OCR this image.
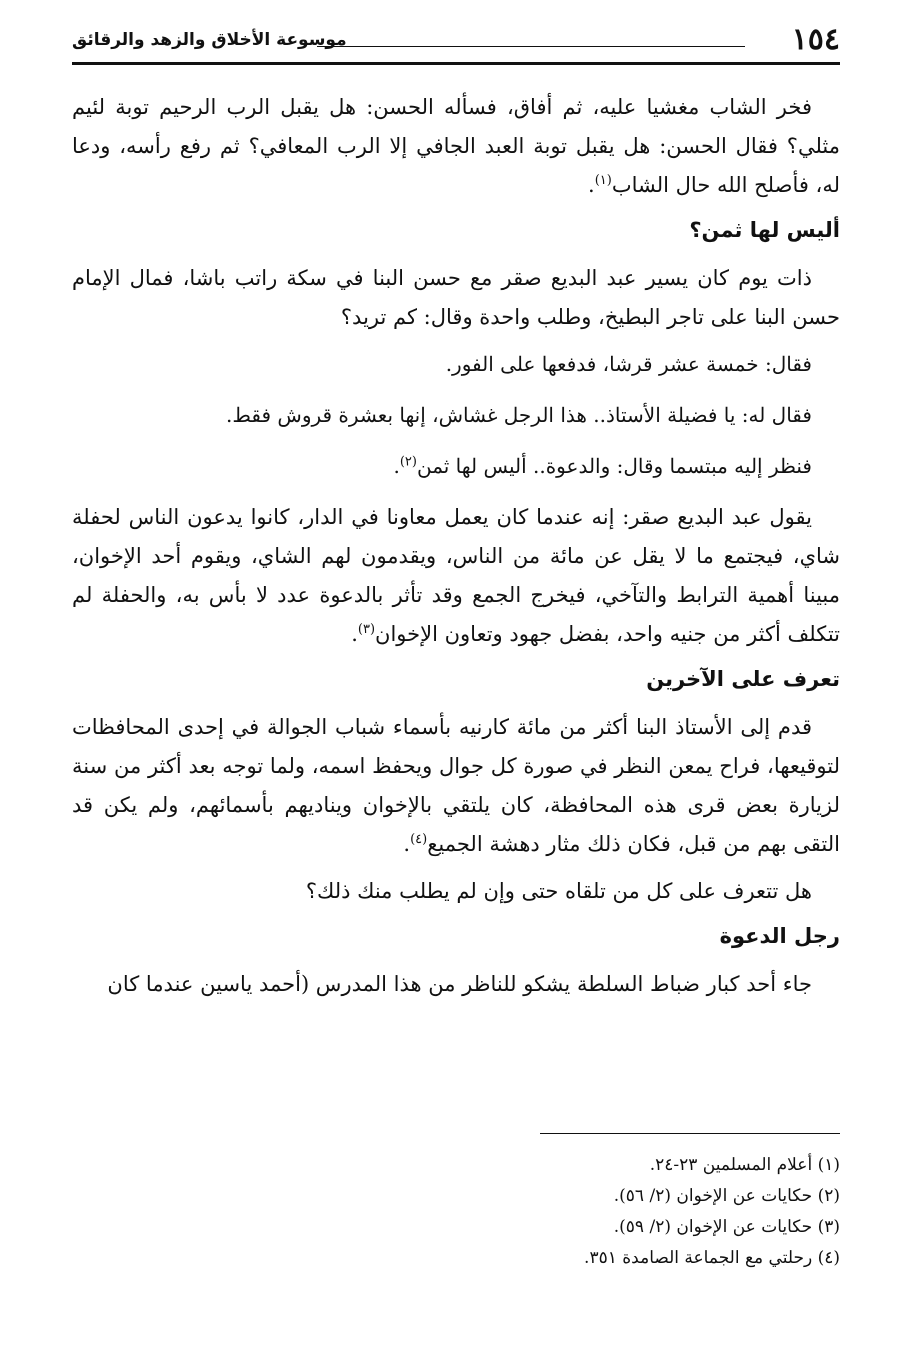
١٥٤
موسوعة الأخلاق والزهد والرقائق

فخر الشاب مغشيا عليه، ثم أفاق، فسأله الحسن: هل يقبل الرب الرحيم توبة لئيم مثلي؟ فقال الحسن: هل يقبل توبة العبد الجافي إلا الرب المعافي؟ ثم رفع رأسه، ودعا له، فأصلح الله حال الشاب$^{(١)}$.

أليس لها ثمن؟

ذات يوم كان يسير عبد البديع صقر مع حسن البنا في سكة راتب باشا، فمال الإمام حسن البنا على تاجر البطيخ، وطلب واحدة وقال: كم تريد؟

فقال: خمسة عشر قرشا، فدفعها على الفور.

فقال له: يا فضيلة الأستاذ.. هذا الرجل غشاش، إنها بعشرة قروش فقط.

فنظر إليه مبتسما وقال: والدعوة.. أليس لها ثمن$^{(٢)}$.

يقول عبد البديع صقر: إنه عندما كان يعمل معاونا في الدار، كانوا يدعون الناس لحفلة شاي، فيجتمع ما لا يقل عن مائة من الناس، ويقدمون لهم الشاي، ويقوم أحد الإخوان، مبينا أهمية الترابط والتآخي، فيخرج الجمع وقد تأثر بالدعوة عدد لا بأس به، والحفلة لم تتكلف أكثر من جنيه واحد، بفضل جهود وتعاون الإخوان$^{(٣)}$.

تعرف على الآخرين

قدم إلى الأستاذ البنا أكثر من مائة كارنيه بأسماء شباب الجوالة في إحدى المحافظات لتوقيعها، فراح يمعن النظر في صورة كل جوال ويحفظ اسمه، ولما توجه بعد أكثر من سنة لزيارة بعض قرى هذه المحافظة، كان يلتقي بالإخوان ويناديهم بأسمائهم، ولم يكن قد التقى بهم من قبل، فكان ذلك مثار دهشة الجميع$^{(٤)}$.

هل تتعرف على كل من تلقاه حتى وإن لم يطلب منك ذلك؟

رجل الدعوة

جاء أحد كبار ضباط السلطة يشكو للناظر من هذا المدرس (أحمد ياسين عندما كان

(١) أعلام المسلمين ٢٣-٢٤.
(٢) حكايات عن الإخوان (٢/ ٥٦).
(٣) حكايات عن الإخوان (٢/ ٥٩).
(٤) رحلتي مع الجماعة الصامدة ٣٥١.
